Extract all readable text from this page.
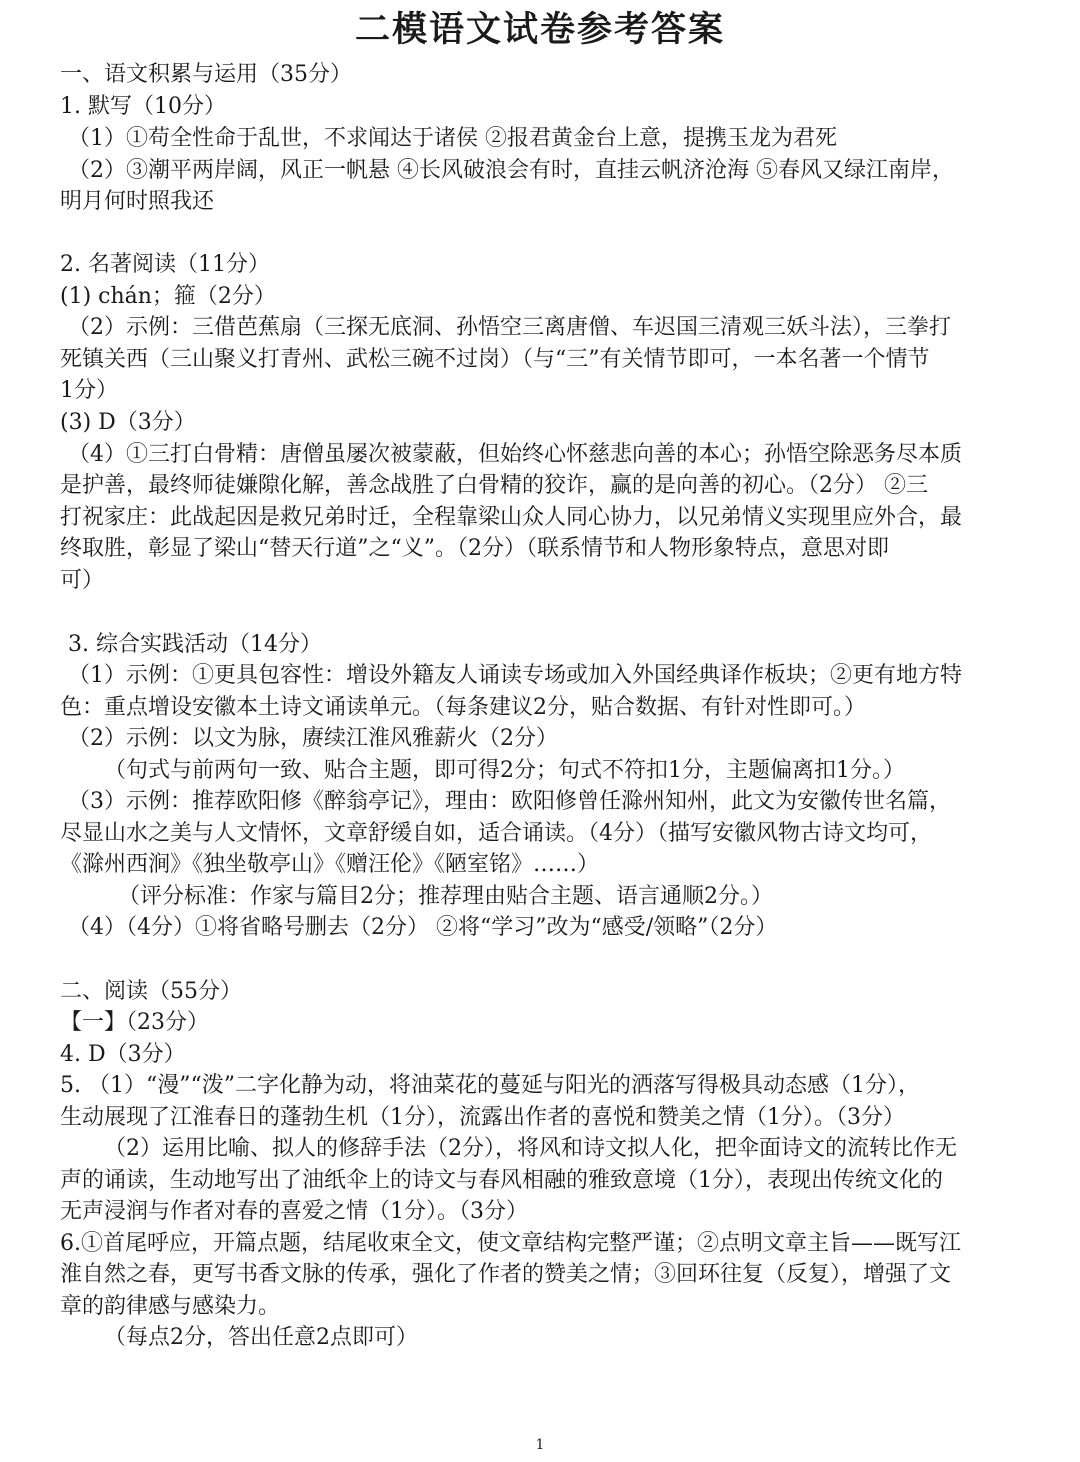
二模语文试卷参考答案
一、语文积累与运用（35分）
1. 默写（10分）
（1）①苟全性命于乱世，不求闻达于诸侯 ②报君黄金台上意，提携玉龙为君死
（2）③潮平两岸阔，风正一帆悬 ④长风破浪会有时，直挂云帆济沧海 ⑤春风又绿江南岸，
明月何时照我还
2. 名著阅读（11分）
(1) chán；箍（2分）
（2）示例：三借芭蕉扇（三探无底洞、孙悟空三离唐僧、车迟国三清观三妖斗法），三拳打
死镇关西（三山聚义打青州、武松三碗不过岗）（与“三”有关情节即可，一本名著一个情节
1分）
(3) D（3分）
（4）①三打白骨精：唐僧虽屡次被蒙蔽，但始终心怀慈悲向善的本心；孙悟空除恶务尽本质
是护善，最终师徒嫌隙化解，善念战胜了白骨精的狡诈，赢的是向善的初心。（2分） ②三
打祝家庄：此战起因是救兄弟时迁，全程靠梁山众人同心协力，以兄弟情义实现里应外合，最
终取胜，彰显了梁山“替天行道”之“义”。（2分）（联系情节和人物形象特点，意思对即
可）
3. 综合实践活动（14分）
（1）示例：①更具包容性：增设外籍友人诵读专场或加入外国经典译作板块；②更有地方特
色：重点增设安徽本土诗文诵读单元。（每条建议2分，贴合数据、有针对性即可。）
（2）示例：以文为脉，赓续江淮风雅薪火（2分）
（句式与前两句一致、贴合主题，即可得2分；句式不符扣1分，主题偏离扣1分。）
（3）示例：推荐欧阳修《醉翁亭记》，理由：欧阳修曾任滁州知州，此文为安徽传世名篇，
尽显山水之美与人文情怀，文章舒缓自如，适合诵读。（4分）（描写安徽风物古诗文均可，
《滁州西涧》《独坐敬亭山》《赠汪伦》《陋室铭》……）
（评分标准：作家与篇目2分；推荐理由贴合主题、语言通顺2分。）
（4）（4分）①将省略号删去（2分） ②将“学习”改为“感受/领略”（2分）
二、阅读（55分）
【一】（23分）
4. D（3分）
5. （1）“漫”“泼”二字化静为动，将油菜花的蔓延与阳光的洒落写得极具动态感（1分），
生动展现了江淮春日的蓬勃生机（1分），流露出作者的喜悦和赞美之情（1分）。（3分）
（2）运用比喻、拟人的修辞手法（2分），将风和诗文拟人化，把伞面诗文的流转比作无
声的诵读，生动地写出了油纸伞上的诗文与春风相融的雅致意境（1分），表现出传统文化的
无声浸润与作者对春的喜爱之情（1分）。（3分）
6.①首尾呼应，开篇点题，结尾收束全文，使文章结构完整严谨；②点明文章主旨——既写江
淮自然之春，更写书香文脉的传承，强化了作者的赞美之情；③回环往复（反复），增强了文
章的韵律感与感染力。
（每点2分，答出任意2点即可）
1
